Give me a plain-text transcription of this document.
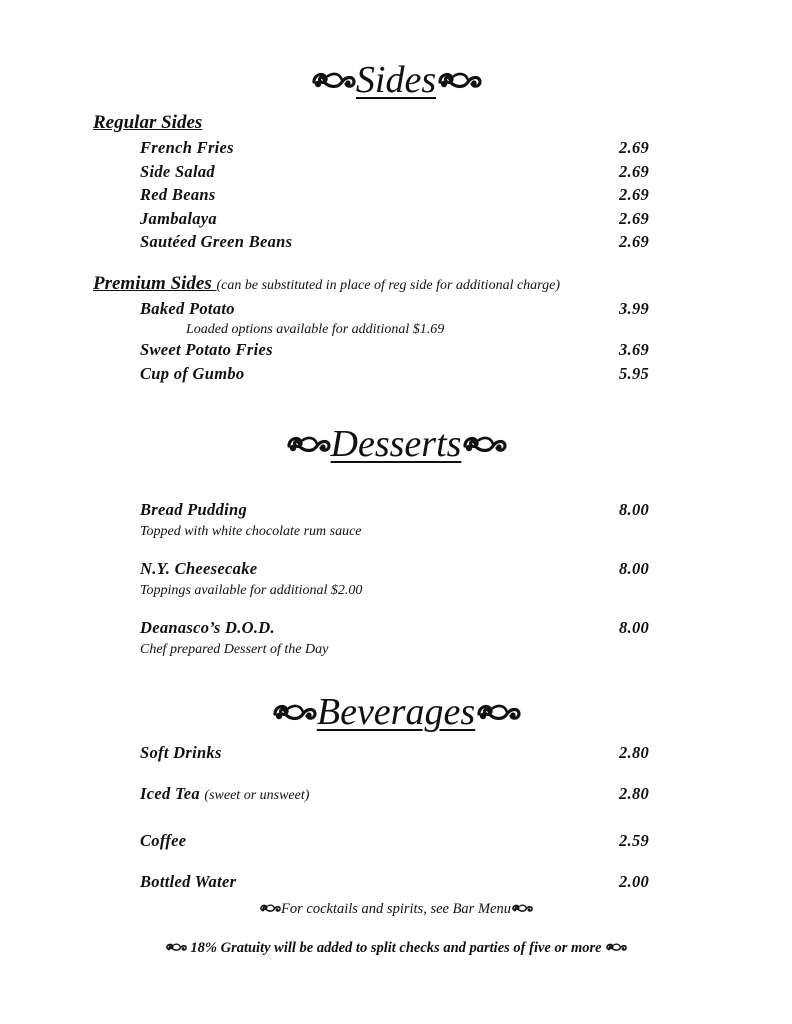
Sides
Regular Sides
French Fries	2.69
Side Salad	2.69
Red Beans	2.69
Jambalaya	2.69
Sautéed Green Beans	2.69
Premium Sides (can be substituted in place of reg side for additional charge)
Baked Potato	3.99
Loaded options available for additional $1.69
Sweet Potato Fries	3.69
Cup of Gumbo	5.95
Desserts
Bread Pudding	8.00
Topped with white chocolate rum sauce
N.Y. Cheesecake	8.00
Toppings available for additional $2.00
Deanasco’s D.O.D.	8.00
Chef prepared Dessert of the Day
Beverages
Soft Drinks	2.80
Iced Tea (sweet or unsweet)	2.80
Coffee	2.59
Bottled Water	2.00
For cocktails and spirits, see Bar Menu
18% Gratuity will be added to split checks and parties of five or more
